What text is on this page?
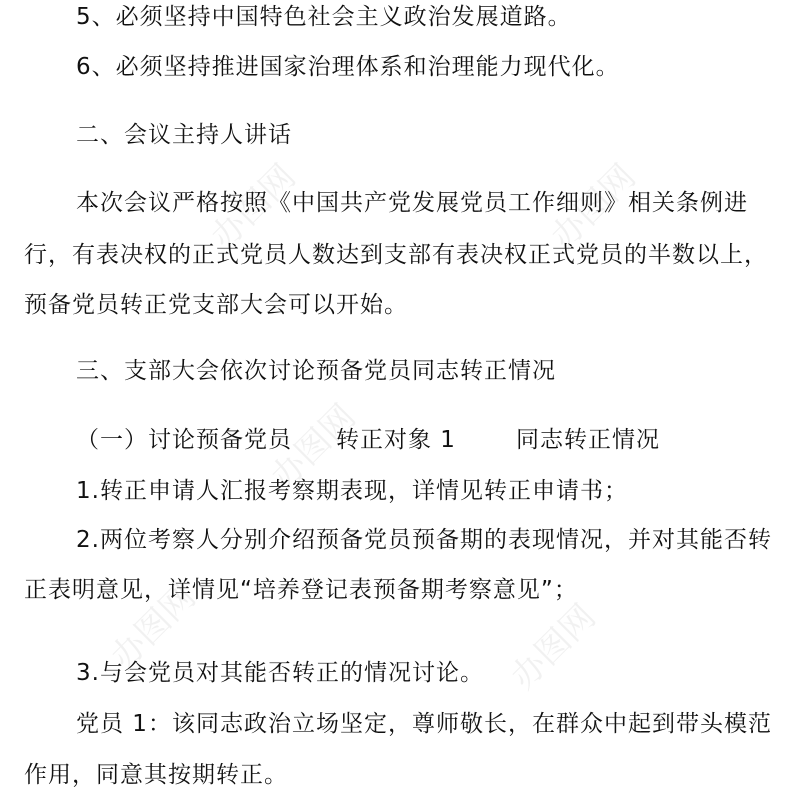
办图网	办图网
办图网
办图网	办图网
5、必须坚持中国特色社会主义政治发展道路。
6、必须坚持推进国家治理体系和治理能力现代化。
二、会议主持人讲话
本次会议严格按照《中国共产党发展党员工作细则》相关条例进
行，有表决权的正式党员人数达到支部有表决权正式党员的半数以上，
预备党员转正党支部大会可以开始。
三、支部大会依次讨论预备党员同志转正情况
（一）讨论预备党员 转正对象 1	同志转正情况
1.转正申请人汇报考察期表现，详情见转正申请书；
2.两位考察人分别介绍预备党员预备期的表现情况，并对其能否转
正表明意见，详情见“培养登记表预备期考察意见”；
3.与会党员对其能否转正的情况讨论。
党员 1：该同志政治立场坚定，尊师敬长，在群众中起到带头模范
作用，同意其按期转正。
